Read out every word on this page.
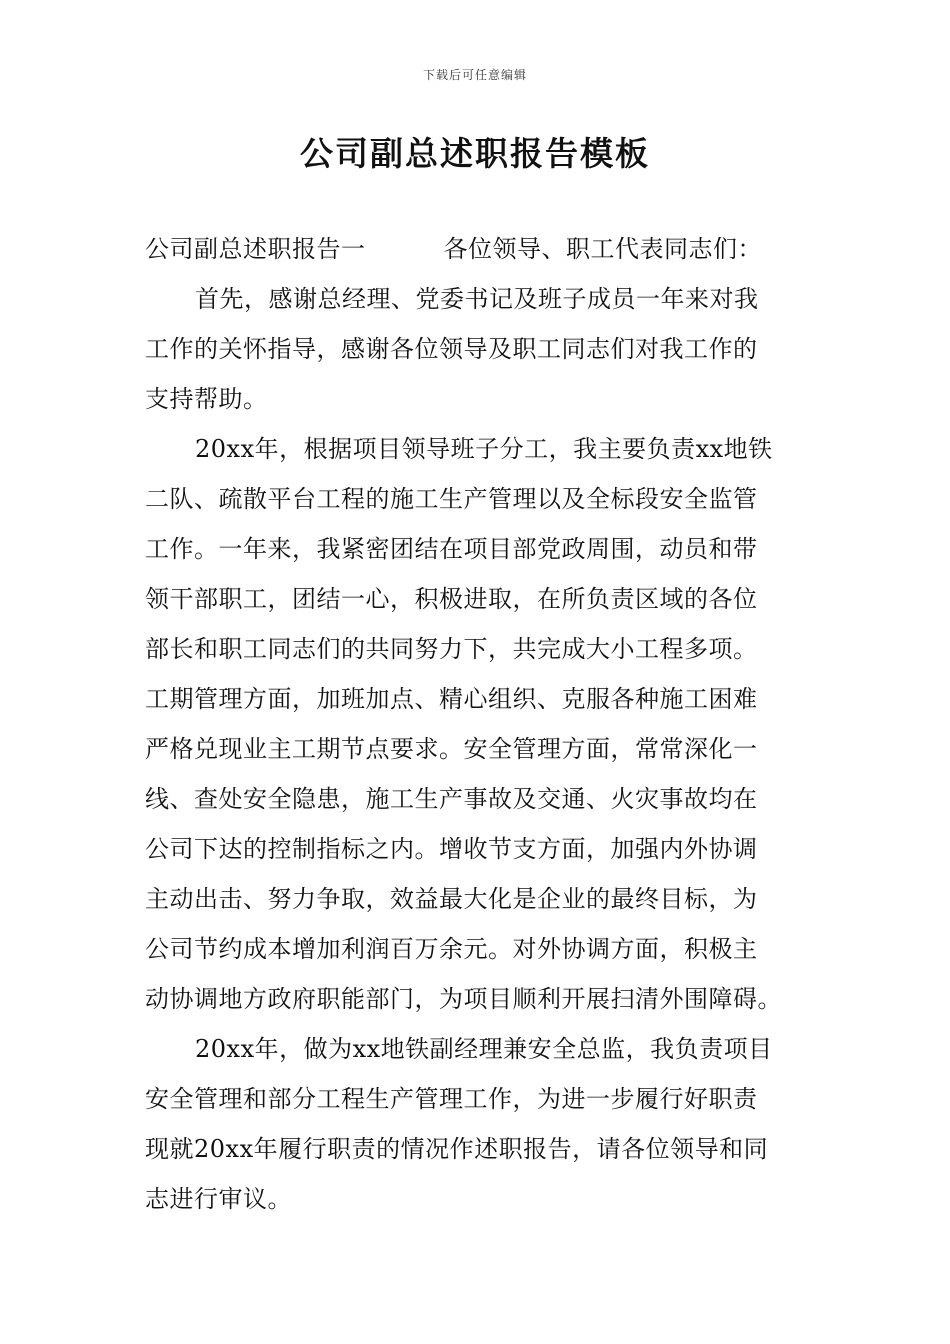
下载后可任意编辑
公司副总述职报告模板
公司副总述职报告一	各位领导、职工代表同志们：
首先，感谢总经理、党委书记及班子成员一年来对我
工作的关怀指导，感谢各位领导及职工同志们对我工作的
支持帮助。
20xx年，根据项目领导班子分工，我主要负责xx地铁
二队、疏散平台工程的施工生产管理以及全标段安全监管
工作。一年来，我紧密团结在项目部党政周围，动员和带
领干部职工，团结一心，积极进取，在所负责区域的各位
部长和职工同志们的共同努力下，共完成大小工程多项。
工期管理方面，加班加点、精心组织、克服各种施工困难
严格兑现业主工期节点要求。安全管理方面，常常深化一
线、查处安全隐患，施工生产事故及交通、火灾事故均在
公司下达的控制指标之内。增收节支方面，加强内外协调
主动出击、努力争取，效益最大化是企业的最终目标，为
公司节约成本增加利润百万余元。对外协调方面，积极主
动协调地方政府职能部门，为项目顺利开展扫清外围障碍。
20xx年，做为xx地铁副经理兼安全总监，我负责项目
安全管理和部分工程生产管理工作，为进一步履行好职责
现就20xx年履行职责的情况作述职报告，请各位领导和同
志进行审议。
